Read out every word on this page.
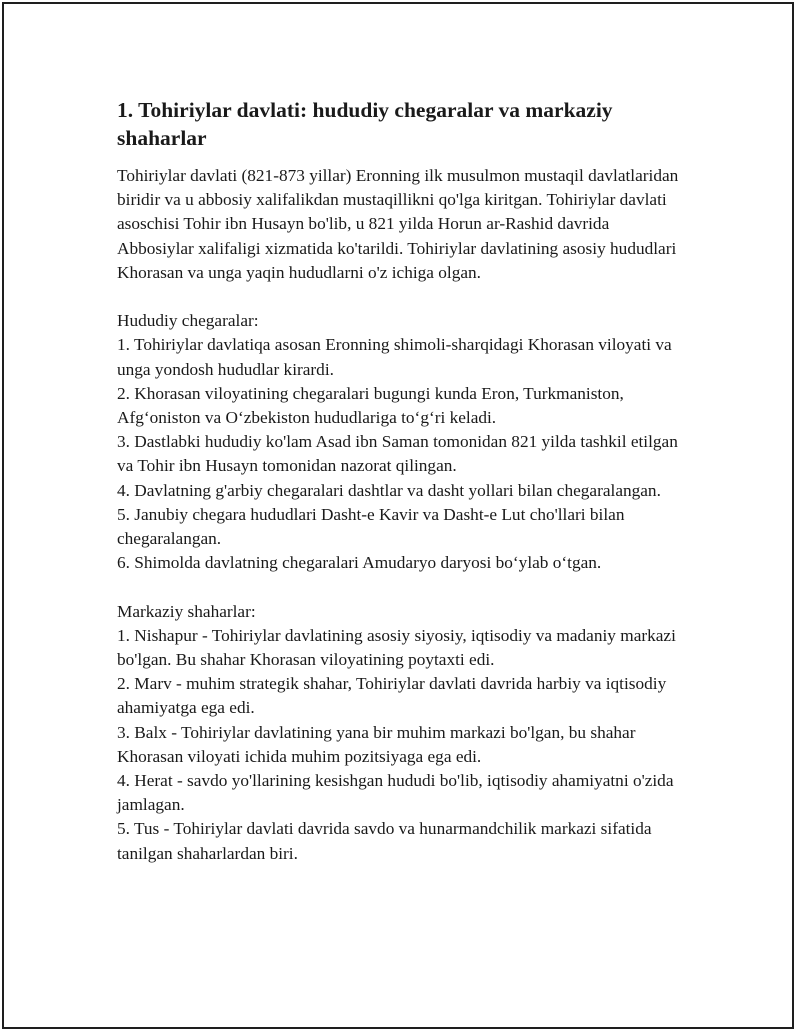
1. Tohiriylar davlati: hududiy chegaralar va markaziy shaharlar

Tohiriylar davlati (821-873 yillar) Eronning ilk musulmon mustaqil davlatlaridan biridir va u abbosiy xalifalikdan mustaqillikni qo'lga kiritgan. Tohiriylar davlati asoschisi Tohir ibn Husayn bo'lib, u 821 yilda Horun ar-Rashid davrida Abbosiylar xalifaligi xizmatida ko'tarildi. Tohiriylar davlatining asosiy hududlari Khorasan va unga yaqin hududlarni o'z ichiga olgan.

Hududiy chegaralar:

1. Tohiriylar davlatiqa asosan Eronning shimoli-sharqidagi Khorasan viloyati va unga yondosh hududlar kirardi.

2. Khorasan viloyatining chegaralari bugungi kunda Eron, Turkmaniston, Afg‘oniston va O‘zbekiston hududlariga to‘g‘ri keladi.

3. Dastlabki hududiy ko'lam Asad ibn Saman tomonidan 821 yilda tashkil etilgan va Tohir ibn Husayn tomonidan nazorat qilingan.

4. Davlatning g'arbiy chegaralari dashtlar va dasht yollari bilan chegaralangan.

5. Janubiy chegara hududlari Dasht-e Kavir va Dasht-e Lut cho'llari bilan chegaralangan.

6. Shimolda davlatning chegaralari Amudaryo daryosi bo‘ylab o‘tgan.

Markaziy shaharlar:

1. Nishapur - Tohiriylar davlatining asosiy siyosiy, iqtisodiy va madaniy markazi bo'lgan. Bu shahar Khorasan viloyatining poytaxti edi.

2. Marv - muhim strategik shahar, Tohiriylar davlati davrida harbiy va iqtisodiy ahamiyatga ega edi.

3. Balx - Tohiriylar davlatining yana bir muhim markazi bo'lgan, bu shahar Khorasan viloyati ichida muhim pozitsiyaga ega edi.

4. Herat - savdo yo'llarining kesishgan hududi bo'lib, iqtisodiy ahamiyatni o'zida jamlagan.

5. Tus - Tohiriylar davlati davrida savdo va hunarmandchilik markazi sifatida tanilgan shaharlardan biri.
